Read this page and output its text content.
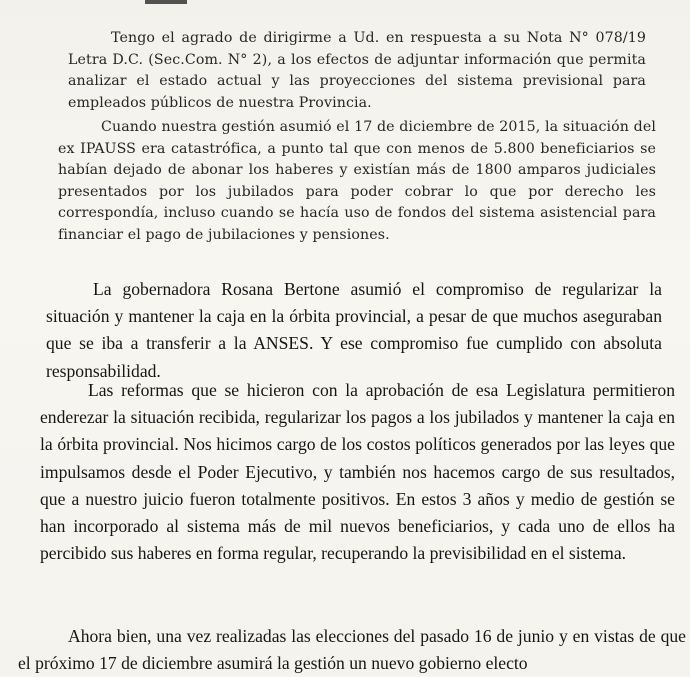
Tengo el agrado de dirigirme a Ud. en respuesta a su Nota N° 078/19 Letra D.C. (Sec.Com. N° 2), a los efectos de adjuntar información que permita analizar el estado actual y las proyecciones del sistema previsional para empleados públicos de nuestra Provincia.

Cuando nuestra gestión asumió el 17 de diciembre de 2015, la situación del ex IPAUSS era catastrófica, a punto tal que con menos de 5.800 beneficiarios se habían dejado de abonar los haberes y existían más de 1800 amparos judiciales presentados por los jubilados para poder cobrar lo que por derecho les correspondía, incluso cuando se hacía uso de fondos del sistema asistencial para financiar el pago de jubilaciones y pensiones.

La gobernadora Rosana Bertone asumió el compromiso de regularizar la situación y mantener la caja en la órbita provincial, a pesar de que muchos aseguraban que se iba a transferir a la ANSES. Y ese compromiso fue cumplido con absoluta responsabilidad.

Las reformas que se hicieron con la aprobación de esa Legislatura permitieron enderezar la situación recibida, regularizar los pagos a los jubilados y mantener la caja en la órbita provincial. Nos hicimos cargo de los costos políticos generados por las leyes que impulsamos desde el Poder Ejecutivo, y también nos hacemos cargo de sus resultados, que a nuestro juicio fueron totalmente positivos. En estos 3 años y medio de gestión se han incorporado al sistema más de mil nuevos beneficiarios, y cada uno de ellos ha percibido sus haberes en forma regular, recuperando la previsibilidad en el sistema.

Ahora bien, una vez realizadas las elecciones del pasado 16 de junio y en vistas de que el próximo 17 de diciembre asumirá la gestión un nuevo gobierno electo
